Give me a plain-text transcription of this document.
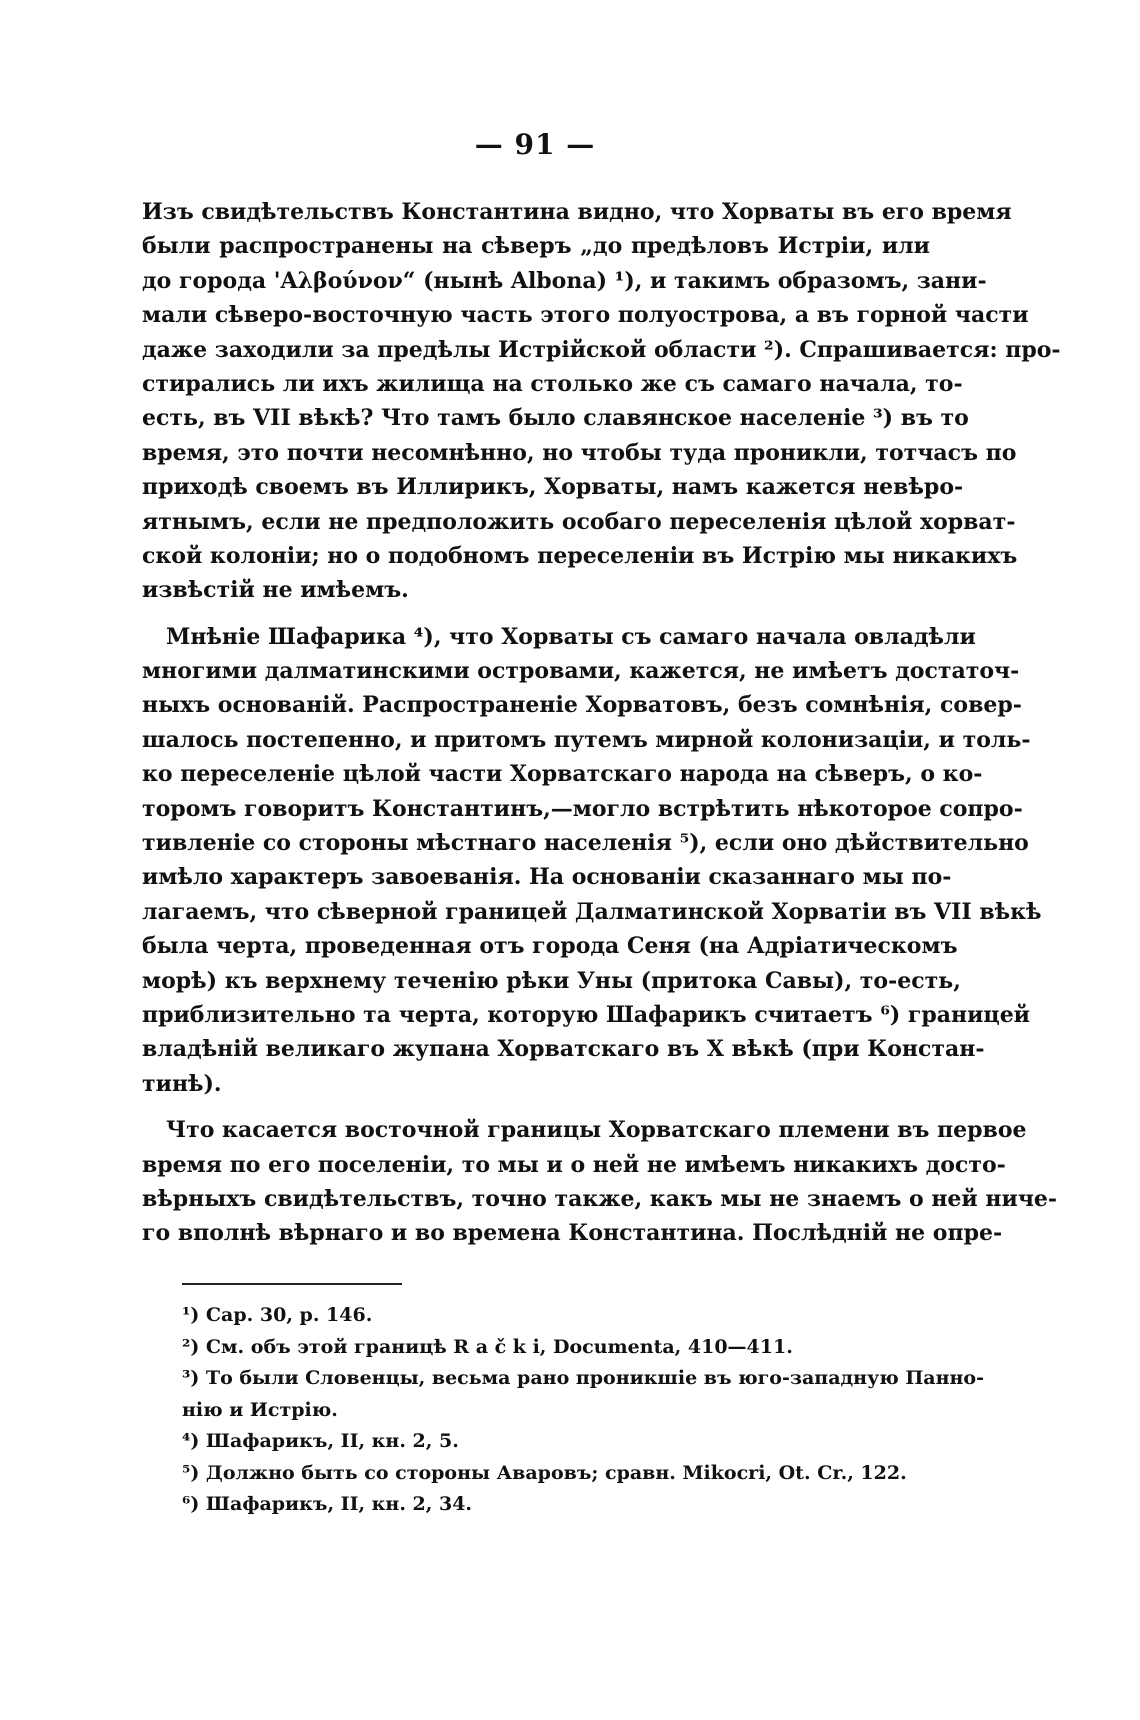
— 91 —
Изъ свидѣтельствъ Константина видно, что Хорваты въ его время
были распространены на сѣверъ „до предѣловъ Истріи, или
до города 'Αλβούνον“ (нынѣ Albona) ¹), и такимъ образомъ, зани-
мали сѣверо-восточную часть этого полуострова, а въ горной части
даже заходили за предѣлы Истрійской области ²). Спрашивается: про-
стирались ли ихъ жилища на столько же съ самаго начала, то-
есть, въ VII вѣкѣ? Что тамъ было славянское населеніе ³) въ то
время, это почти несомнѣнно, но чтобы туда проникли, тотчасъ по
приходѣ своемъ въ Иллирикъ, Хорваты, намъ кажется невѣро-
ятнымъ, если не предположить особаго переселенія цѣлой хорват-
ской колоніи; но о подобномъ переселеніи въ Истрію мы никакихъ
извѣстій не имѣемъ.
Мнѣніе Шафарика ⁴), что Хорваты съ самаго начала овладѣли
многими далматинскими островами, кажется, не имѣетъ достаточ-
ныхъ основаній. Распространеніе Хорватовъ, безъ сомнѣнія, совер-
шалось постепенно, и притомъ путемъ мирной колонизаціи, и толь-
ко переселеніе цѣлой части Хорватскаго народа на сѣверъ, о ко-
торомъ говоритъ Константинъ,—могло встрѣтить нѣкоторое сопро-
тивленіе со стороны мѣстнаго населенія ⁵), если оно дѣйствительно
имѣло характеръ завоеванія. На основаніи сказаннаго мы по-
лагаемъ, что сѣверной границей Далматинской Хорватіи въ VII вѣкѣ
была черта, проведенная отъ города Сеня (на Адріатическомъ
морѣ) къ верхнему теченію рѣки Уны (притока Савы), то-есть,
приблизительно та черта, которую Шафарикъ считаетъ ⁶) границей
владѣній великаго жупана Хорватскаго въ X вѣкѣ (при Констан-
тинѣ).
Что касается восточной границы Хорватскаго племени въ первое
время по его поселеніи, то мы и о ней не имѣемъ никакихъ досто-
вѣрныхъ свидѣтельствъ, точно также, какъ мы не знаемъ о ней ниче-
го вполнѣ вѣрнаго и во времена Константина. Послѣдній не опре-
¹) Cap. 30, p. 146.
²) См. объ этой границѣ R a č k i, Documenta, 410—411.
³) То были Словенцы, весьма рано проникшіе въ юго-западную Панно-
нію и Истрію.
⁴) Шафарикъ, II, кн. 2, 5.
⁵) Должно быть со стороны Аваровъ; сравн. Mikocri, Ot. Cr., 122.
⁶) Шафарикъ, II, кн. 2, 34.
